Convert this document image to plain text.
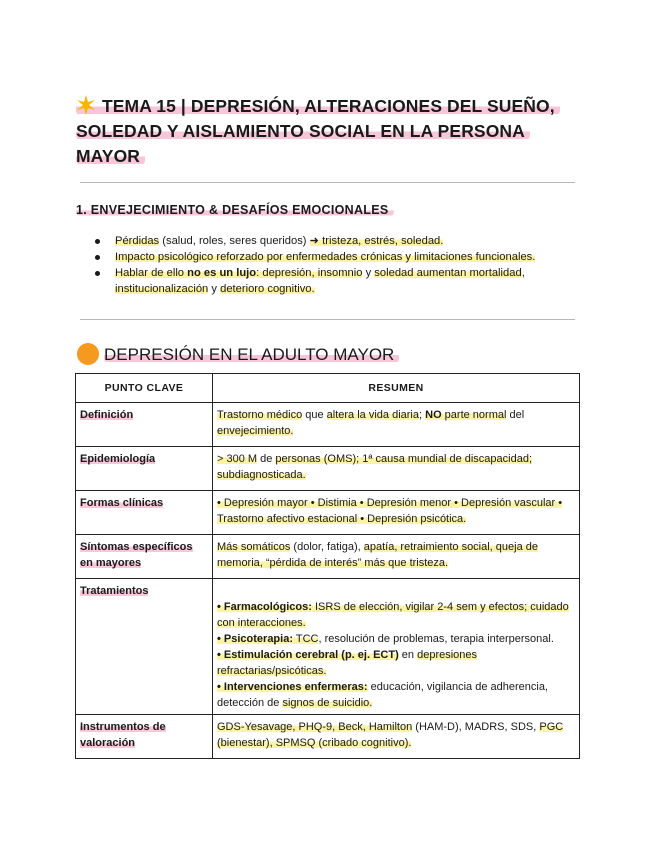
TEMA 15 | DEPRESIÓN, ALTERACIONES DEL SUEÑO,
SOLEDAD Y AISLAMIENTO SOCIAL EN LA PERSONA
MAYOR
1. ENVEJECIMIENTO & DESAFÍOS EMOCIONALES
Pérdidas (salud, roles, seres queridos) ➜ tristeza, estrés, soledad.
Impacto psicológico reforzado por enfermedades crónicas y limitaciones funcionales.
Hablar de ello no es un lujo: depresión, insomnio y soledad aumentan mortalidad, institucionalización y deterioro cognitivo.
DEPRESIÓN EN EL ADULTO MAYOR
PUNTO CLAVE	RESUMEN
Definición	Trastorno médico que altera la vida diaria; NO parte normal del envejecimiento.
Epidemiología	> 300 M de personas (OMS); 1ª causa mundial de discapacidad; subdiagnosticada.
Formas clínicas	• Depresión mayor • Distimia • Depresión menor • Depresión vascular • Trastorno afectivo estacional • Depresión psicótica.
Síntomas específicos en mayores	Más somáticos (dolor, fatiga), apatía, retraimiento social, queja de memoria, “pérdida de interés” más que tristeza.
Tratamientos	• Farmacológicos: ISRS de elección, vigilar 2-4 sem y efectos; cuidado con interacciones.
• Psicoterapia: TCC, resolución de problemas, terapia interpersonal.
• Estimulación cerebral (p. ej. ECT) en depresiones refractarias/psicóticas.
• Intervenciones enfermeras: educación, vigilancia de adherencia, detección de signos de suicidio.
Instrumentos de valoración	GDS-Yesavage, PHQ-9, Beck, Hamilton (HAM-D), MADRS, SDS, PGC (bienestar), SPMSQ (cribado cognitivo).
